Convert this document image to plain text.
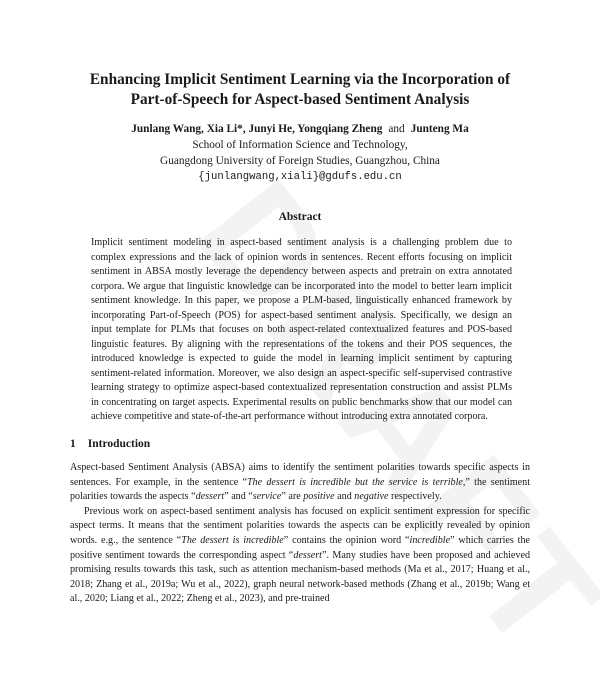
Enhancing Implicit Sentiment Learning via the Incorporation of
Part-of-Speech for Aspect-based Sentiment Analysis
Junlang Wang, Xia Li*, Junyi He, Yongqiang Zheng and Junteng Ma
School of Information Science and Technology,
Guangdong University of Foreign Studies, Guangzhou, China
{junlangwang,xiali}@gdufs.edu.cn
Abstract
Implicit sentiment modeling in aspect-based sentiment analysis is a challenging problem due to complex expressions and the lack of opinion words in sentences. Recent efforts focusing on implicit sentiment in ABSA mostly leverage the dependency between aspects and pretrain on extra annotated corpora. We argue that linguistic knowledge can be incorporated into the model to better learn implicit sentiment knowledge. In this paper, we propose a PLM-based, linguistically enhanced framework by incorporating Part-of-Speech (POS) for aspect-based sentiment analysis. Specifically, we design an input template for PLMs that focuses on both aspect-related contextualized features and POS-based linguistic features. By aligning with the representations of the tokens and their POS sequences, the introduced knowledge is expected to guide the model in learning implicit sentiment by capturing sentiment-related information. Moreover, we also design an aspect-specific self-supervised contrastive learning strategy to optimize aspect-based contextualized representation construction and assist PLMs in concentrating on target aspects. Experimental results on public benchmarks show that our model can achieve competitive and state-of-the-art performance without introducing extra annotated corpora.
1 Introduction

Aspect-based Sentiment Analysis (ABSA) aims to identify the sentiment polarities towards specific aspects in sentences. For example, in the sentence “The dessert is incredible but the service is terrible,” the sentiment polarities towards the aspects “dessert” and “service” are positive and negative respectively.

Previous work on aspect-based sentiment analysis has focused on explicit sentiment expression for specific aspect terms. It means that the sentiment polarities towards the aspects can be explicitly revealed by opinion words. e.g., the sentence “The dessert is incredible” contains the opinion word “incredible” which carries the positive sentiment towards the corresponding aspect “dessert”. Many studies have been proposed and achieved promising results towards this task, such as attention mechanism-based methods (Ma et al., 2017; Huang et al., 2018; Zhang et al., 2019a; Wu et al., 2022), graph neural network-based methods (Zhang et al., 2019b; Wang et al., 2020; Liang et al., 2022; Zheng et al., 2023), and pre-trained
